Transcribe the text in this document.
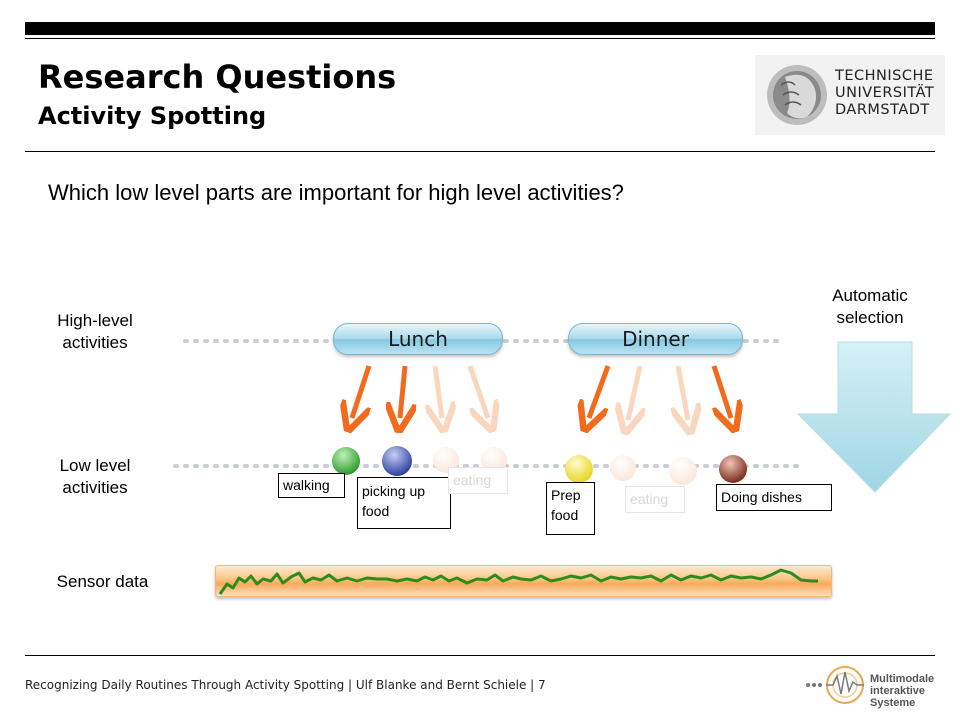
Research Questions
Activity Spotting
TECHNISCHE
UNIVERSITÄT
DARMSTADT
Which low level parts are important for high level activities?
High-level activities
Low level activities
Sensor data
Lunch	Dinner
Automatic selection
walking	picking up food
eating
Prep food
eating	Doing dishes
Recognizing Daily Routines Through Activity Spotting | Ulf Blanke and Bernt Schiele | 7	Multimodale
interaktive
Systeme
